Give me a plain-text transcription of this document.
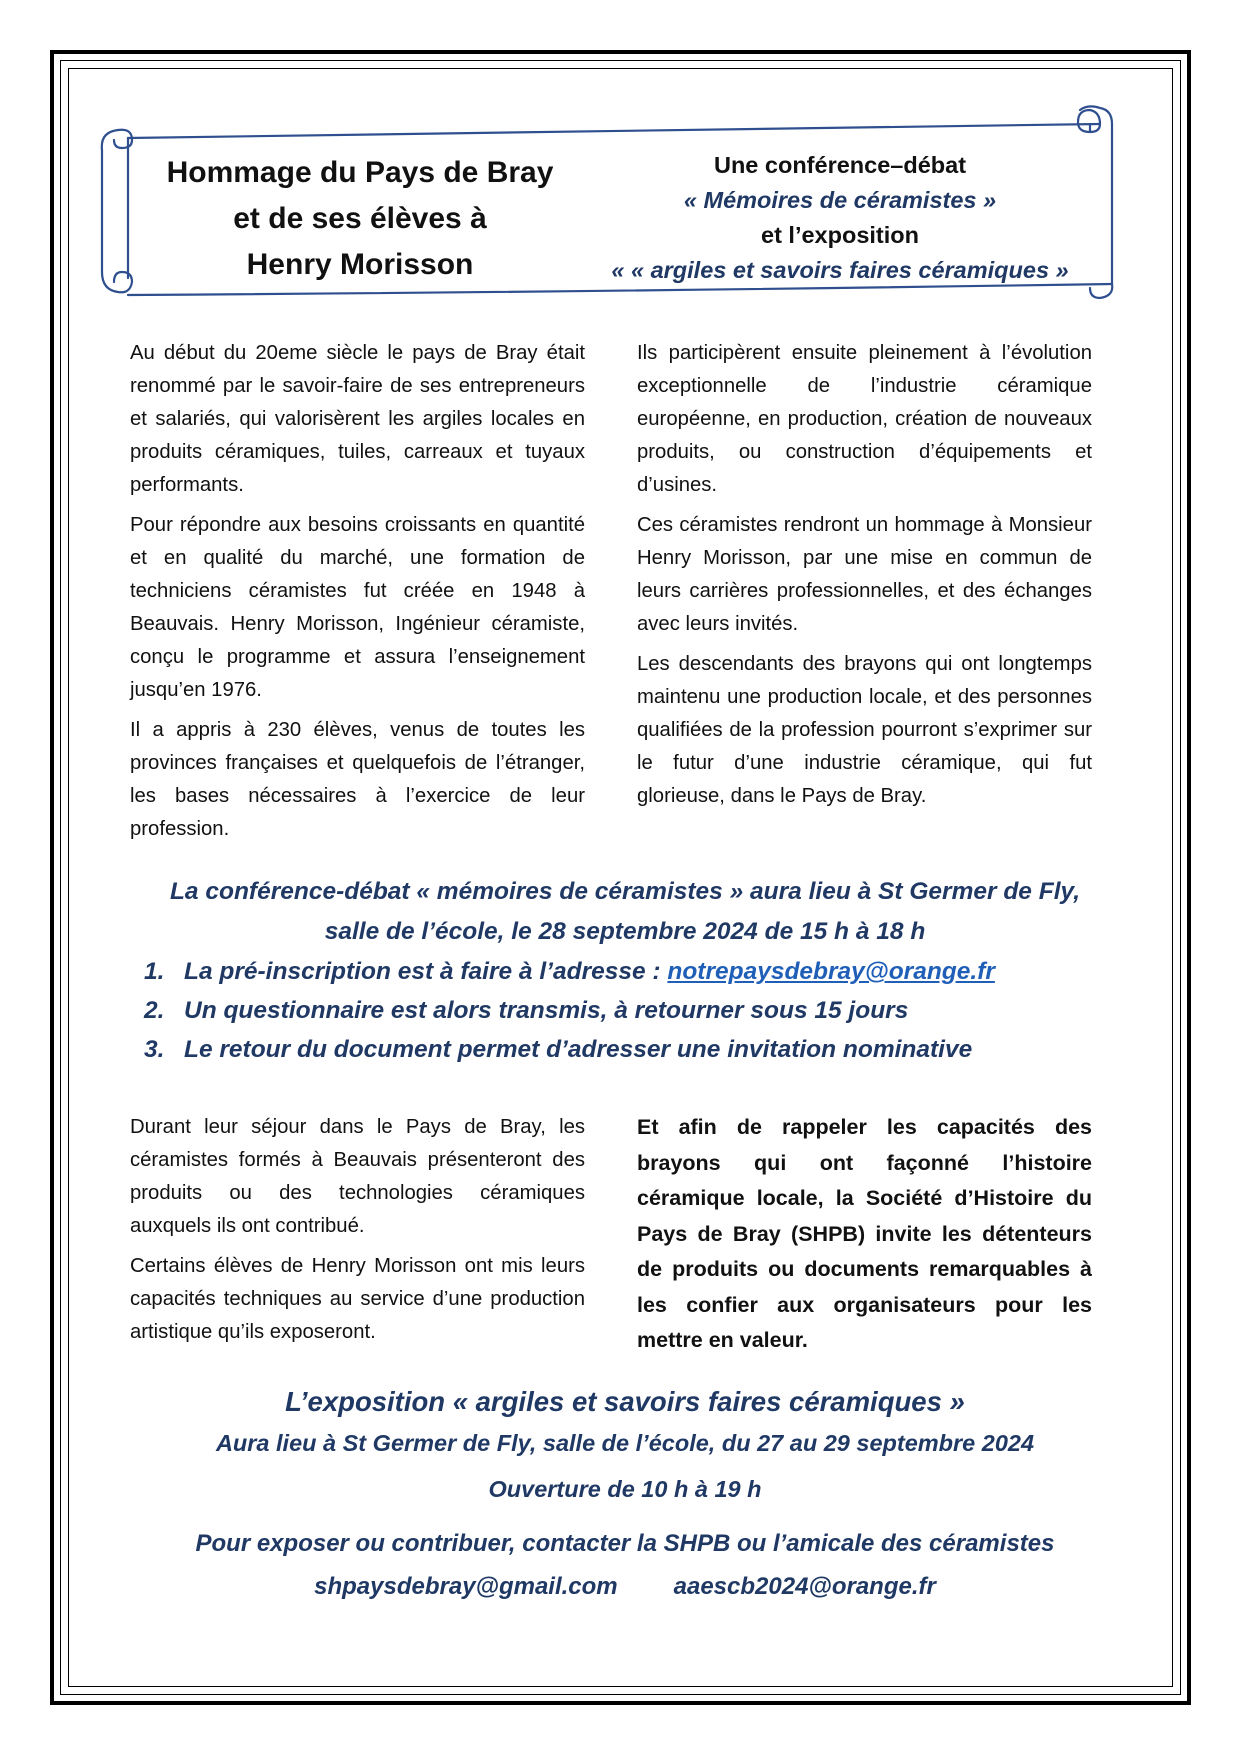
Hommage du Pays de Bray
et de ses élèves à
Henry Morisson
Une conférence–débat
« Mémoires de céramistes »
et l’exposition
« « argiles et savoirs faires céramiques »

Au début du 20eme siècle le pays de Bray était renommé par le savoir-faire de ses entrepreneurs et salariés, qui valorisèrent les argiles locales en produits céramiques, tuiles, carreaux et tuyaux performants.

Pour répondre aux besoins croissants en quantité et en qualité du marché, une formation de techniciens céramistes fut créée en 1948 à Beauvais. Henry Morisson, Ingénieur céramiste, conçu le programme et assura l’enseignement jusqu’en 1976.

Il a appris à 230 élèves, venus de toutes les provinces françaises et quelquefois de l’étranger, les bases nécessaires à l’exercice de leur profession.

Ils participèrent ensuite pleinement à l’évolution exceptionnelle de l’industrie céramique européenne, en production, création de nouveaux produits, ou construction d’équipements et d’usines.

Ces céramistes rendront un hommage à Monsieur Henry Morisson, par une mise en commun de leurs carrières professionnelles, et des échanges avec leurs invités.

Les descendants des brayons qui ont longtemps maintenu une production locale, et des personnes qualifiées de la profession pourront s’exprimer sur le futur d’une industrie céramique, qui fut glorieuse, dans le Pays de Bray.

La conférence-débat « mémoires de céramistes » aura lieu à St Germer de Fly,
salle de l’école, le 28 septembre 2024 de 15 h à 18 h
1. La pré-inscription est à faire à l’adresse : notrepaysdebray@orange.fr
2. Un questionnaire est alors transmis, à retourner sous 15 jours
3. Le retour du document permet d’adresser une invitation nominative

Durant leur séjour dans le Pays de Bray, les céramistes formés à Beauvais présenteront des produits ou des technologies céramiques auxquels ils ont contribué.

Certains élèves de Henry Morisson ont mis leurs capacités techniques au service d’une production artistique qu’ils exposeront.

Et afin de rappeler les capacités des brayons qui ont façonné l’histoire céramique locale, la Société d’Histoire du Pays de Bray (SHPB) invite les détenteurs de produits ou documents remarquables à les confier aux organisateurs pour les mettre en valeur.

L’exposition « argiles et savoirs faires céramiques »
Aura lieu à St Germer de Fly, salle de l’école, du 27 au 29 septembre 2024
Ouverture de 10 h à 19 h
Pour exposer ou contribuer, contacter la SHPB ou l’amicale des céramistes
shpaysdebray@gmail.com aaescb2024@orange.fr
